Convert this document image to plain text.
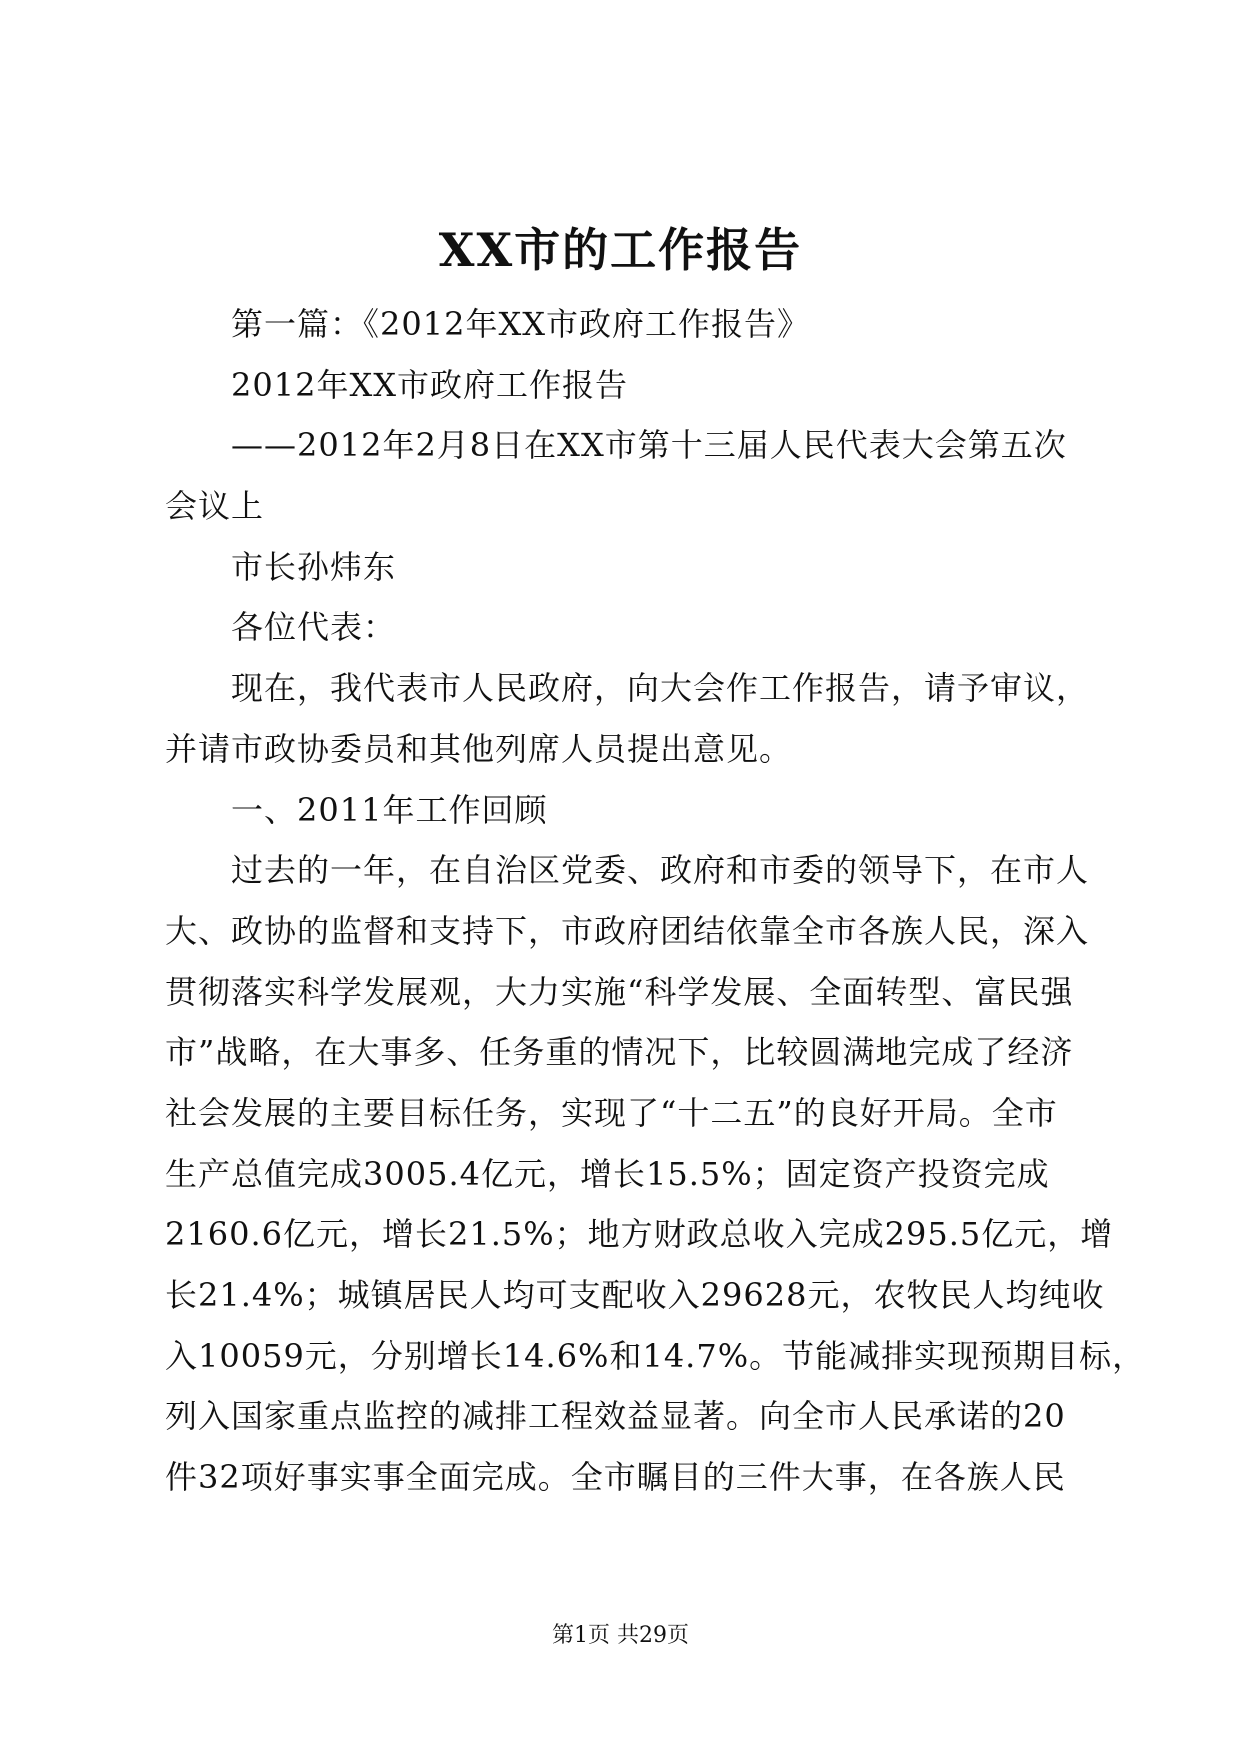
XX市的工作报告
第一篇：《2012年XX市政府工作报告》
2012年XX市政府工作报告
——2012年2月8日在XX市第十三届人民代表大会第五次
会议上
市长孙炜东
各位代表：
现在，我代表市人民政府，向大会作工作报告，请予审议，
并请市政协委员和其他列席人员提出意见。
一、2011年工作回顾
过去的一年，在自治区党委、政府和市委的领导下，在市人
大、政协的监督和支持下，市政府团结依靠全市各族人民，深入
贯彻落实科学发展观，大力实施“科学发展、全面转型、富民强
市”战略，在大事多、任务重的情况下，比较圆满地完成了经济
社会发展的主要目标任务，实现了“十二五”的良好开局。全市
生产总值完成3005.4亿元，增长15.5%；固定资产投资完成
2160.6亿元，增长21.5%；地方财政总收入完成295.5亿元，增
长21.4%；城镇居民人均可支配收入29628元，农牧民人均纯收
入10059元，分别增长14.6%和14.7%。节能减排实现预期目标，
列入国家重点监控的减排工程效益显著。向全市人民承诺的20
件32项好事实事全面完成。全市瞩目的三件大事，在各族人民
第1页 共29页
